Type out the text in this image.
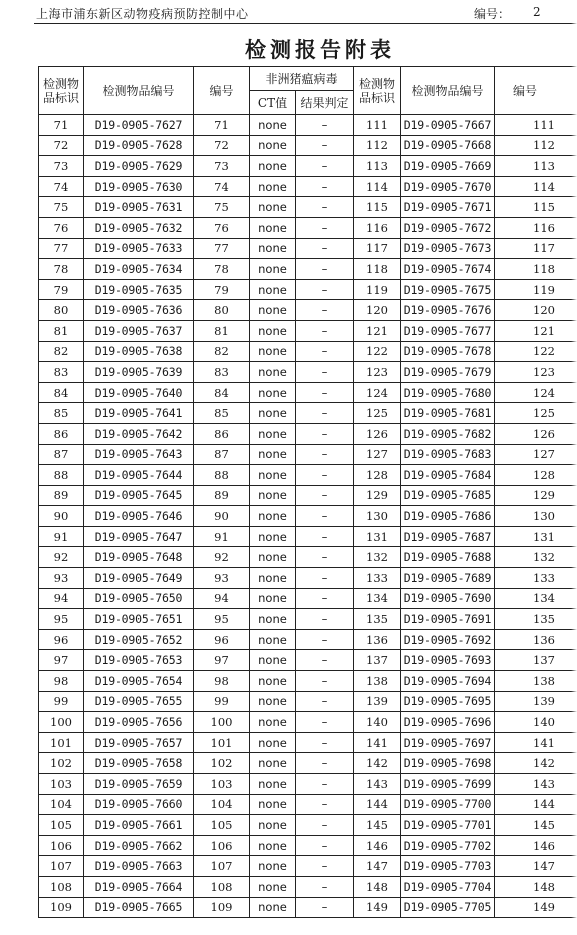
上海市浦东新区动物疫病预防控制中心	编号： 2
检测报告附表
检测物品标识	检测物品编号	编号	非洲猪瘟病毒		检测物品标识	检测物品编号	编号
			CT值	结果判定			
71	D19-0905-7627	71	none	–	111	D19-0905-7667	111
72	D19-0905-7628	72	none	–	112	D19-0905-7668	112
73	D19-0905-7629	73	none	–	113	D19-0905-7669	113
74	D19-0905-7630	74	none	–	114	D19-0905-7670	114
75	D19-0905-7631	75	none	–	115	D19-0905-7671	115
76	D19-0905-7632	76	none	–	116	D19-0905-7672	116
77	D19-0905-7633	77	none	–	117	D19-0905-7673	117
78	D19-0905-7634	78	none	–	118	D19-0905-7674	118
79	D19-0905-7635	79	none	–	119	D19-0905-7675	119
80	D19-0905-7636	80	none	–	120	D19-0905-7676	120
81	D19-0905-7637	81	none	–	121	D19-0905-7677	121
82	D19-0905-7638	82	none	–	122	D19-0905-7678	122
83	D19-0905-7639	83	none	–	123	D19-0905-7679	123
84	D19-0905-7640	84	none	–	124	D19-0905-7680	124
85	D19-0905-7641	85	none	–	125	D19-0905-7681	125
86	D19-0905-7642	86	none	–	126	D19-0905-7682	126
87	D19-0905-7643	87	none	–	127	D19-0905-7683	127
88	D19-0905-7644	88	none	–	128	D19-0905-7684	128
89	D19-0905-7645	89	none	–	129	D19-0905-7685	129
90	D19-0905-7646	90	none	–	130	D19-0905-7686	130
91	D19-0905-7647	91	none	–	131	D19-0905-7687	131
92	D19-0905-7648	92	none	–	132	D19-0905-7688	132
93	D19-0905-7649	93	none	–	133	D19-0905-7689	133
94	D19-0905-7650	94	none	–	134	D19-0905-7690	134
95	D19-0905-7651	95	none	–	135	D19-0905-7691	135
96	D19-0905-7652	96	none	–	136	D19-0905-7692	136
97	D19-0905-7653	97	none	–	137	D19-0905-7693	137
98	D19-0905-7654	98	none	–	138	D19-0905-7694	138
99	D19-0905-7655	99	none	–	139	D19-0905-7695	139
100	D19-0905-7656	100	none	–	140	D19-0905-7696	140
101	D19-0905-7657	101	none	–	141	D19-0905-7697	141
102	D19-0905-7658	102	none	–	142	D19-0905-7698	142
103	D19-0905-7659	103	none	–	143	D19-0905-7699	143
104	D19-0905-7660	104	none	–	144	D19-0905-7700	144
105	D19-0905-7661	105	none	–	145	D19-0905-7701	145
106	D19-0905-7662	106	none	–	146	D19-0905-7702	146
107	D19-0905-7663	107	none	–	147	D19-0905-7703	147
108	D19-0905-7664	108	none	–	148	D19-0905-7704	148
109	D19-0905-7665	109	none	–	149	D19-0905-7705	149
